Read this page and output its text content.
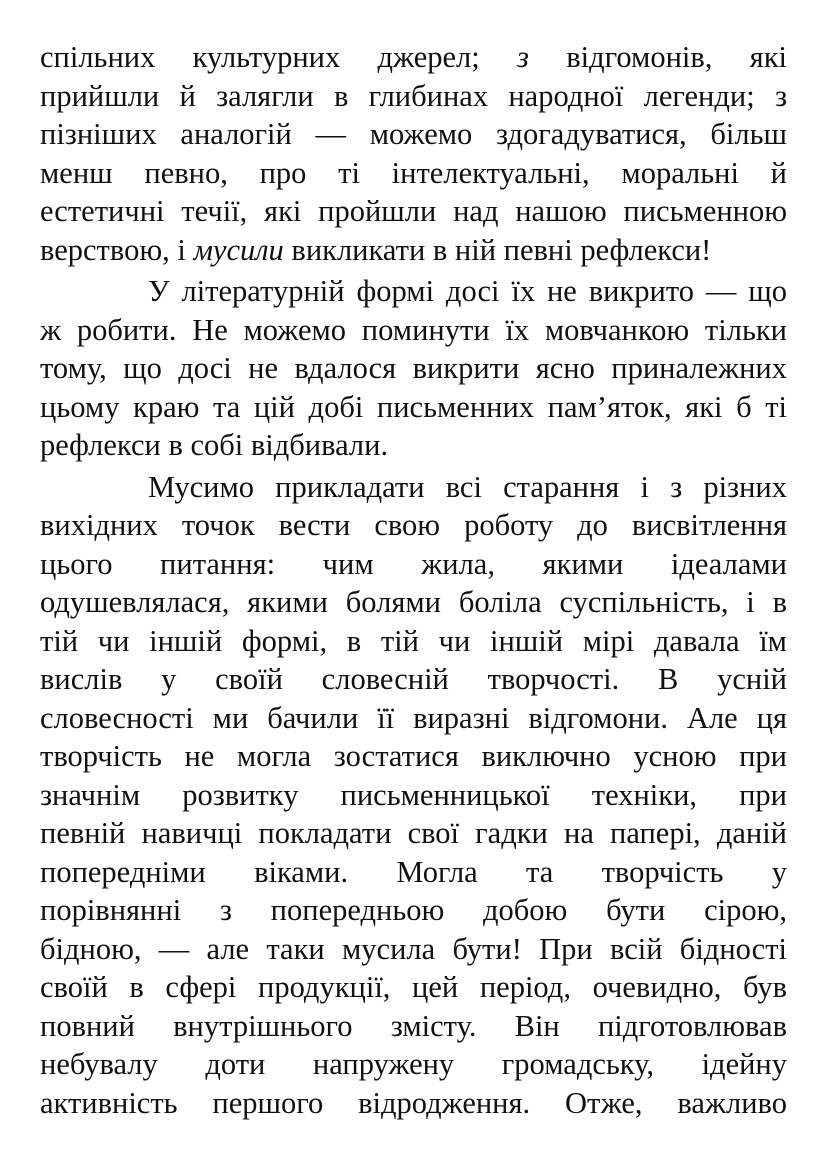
спільних культурних джерел; з відгомонів, які
прийшли й залягли в глибинах народної легенди; з
пізніших аналогій — можемо здогадуватися, більш
менш певно, про ті інтелектуальні, моральні й
естетичні течії, які пройшли над нашою письменною
верствою, і мусили викликати в ній певні рефлекси!
У літературній формі досі їх не викрито — що
ж робити. Не можемо поминути їх мовчанкою тільки
тому, що досі не вдалося викрити ясно приналежних
цьому краю та цій добі письменних пам’яток, які б ті
рефлекси в собі відбивали.
Мусимо прикладати всі старання і з різних
вихідних точок вести свою роботу до висвітлення
цього питання: чим жила, якими ідеалами
одушевлялася, якими болями боліла суспільність, і в
тій чи іншій формі, в тій чи іншій мірі давала їм
вислів у своїй словесній творчості. В усній
словесності ми бачили її виразні відгомони. Але ця
творчість не могла зостатися виключно усною при
значнім розвитку письменницької техніки, при
певній навичці покладати свої гадки на папері, даній
попередніми віками. Могла та творчість у
порівнянні з попередньою добою бути сірою,
бідною, — але таки мусила бути! При всій бідності
своїй в сфері продукції, цей період, очевидно, був
повний внутрішнього змісту. Він підготовлював
небувалу доти напружену громадську, ідейну
активність першого відродження. Отже, важливо
